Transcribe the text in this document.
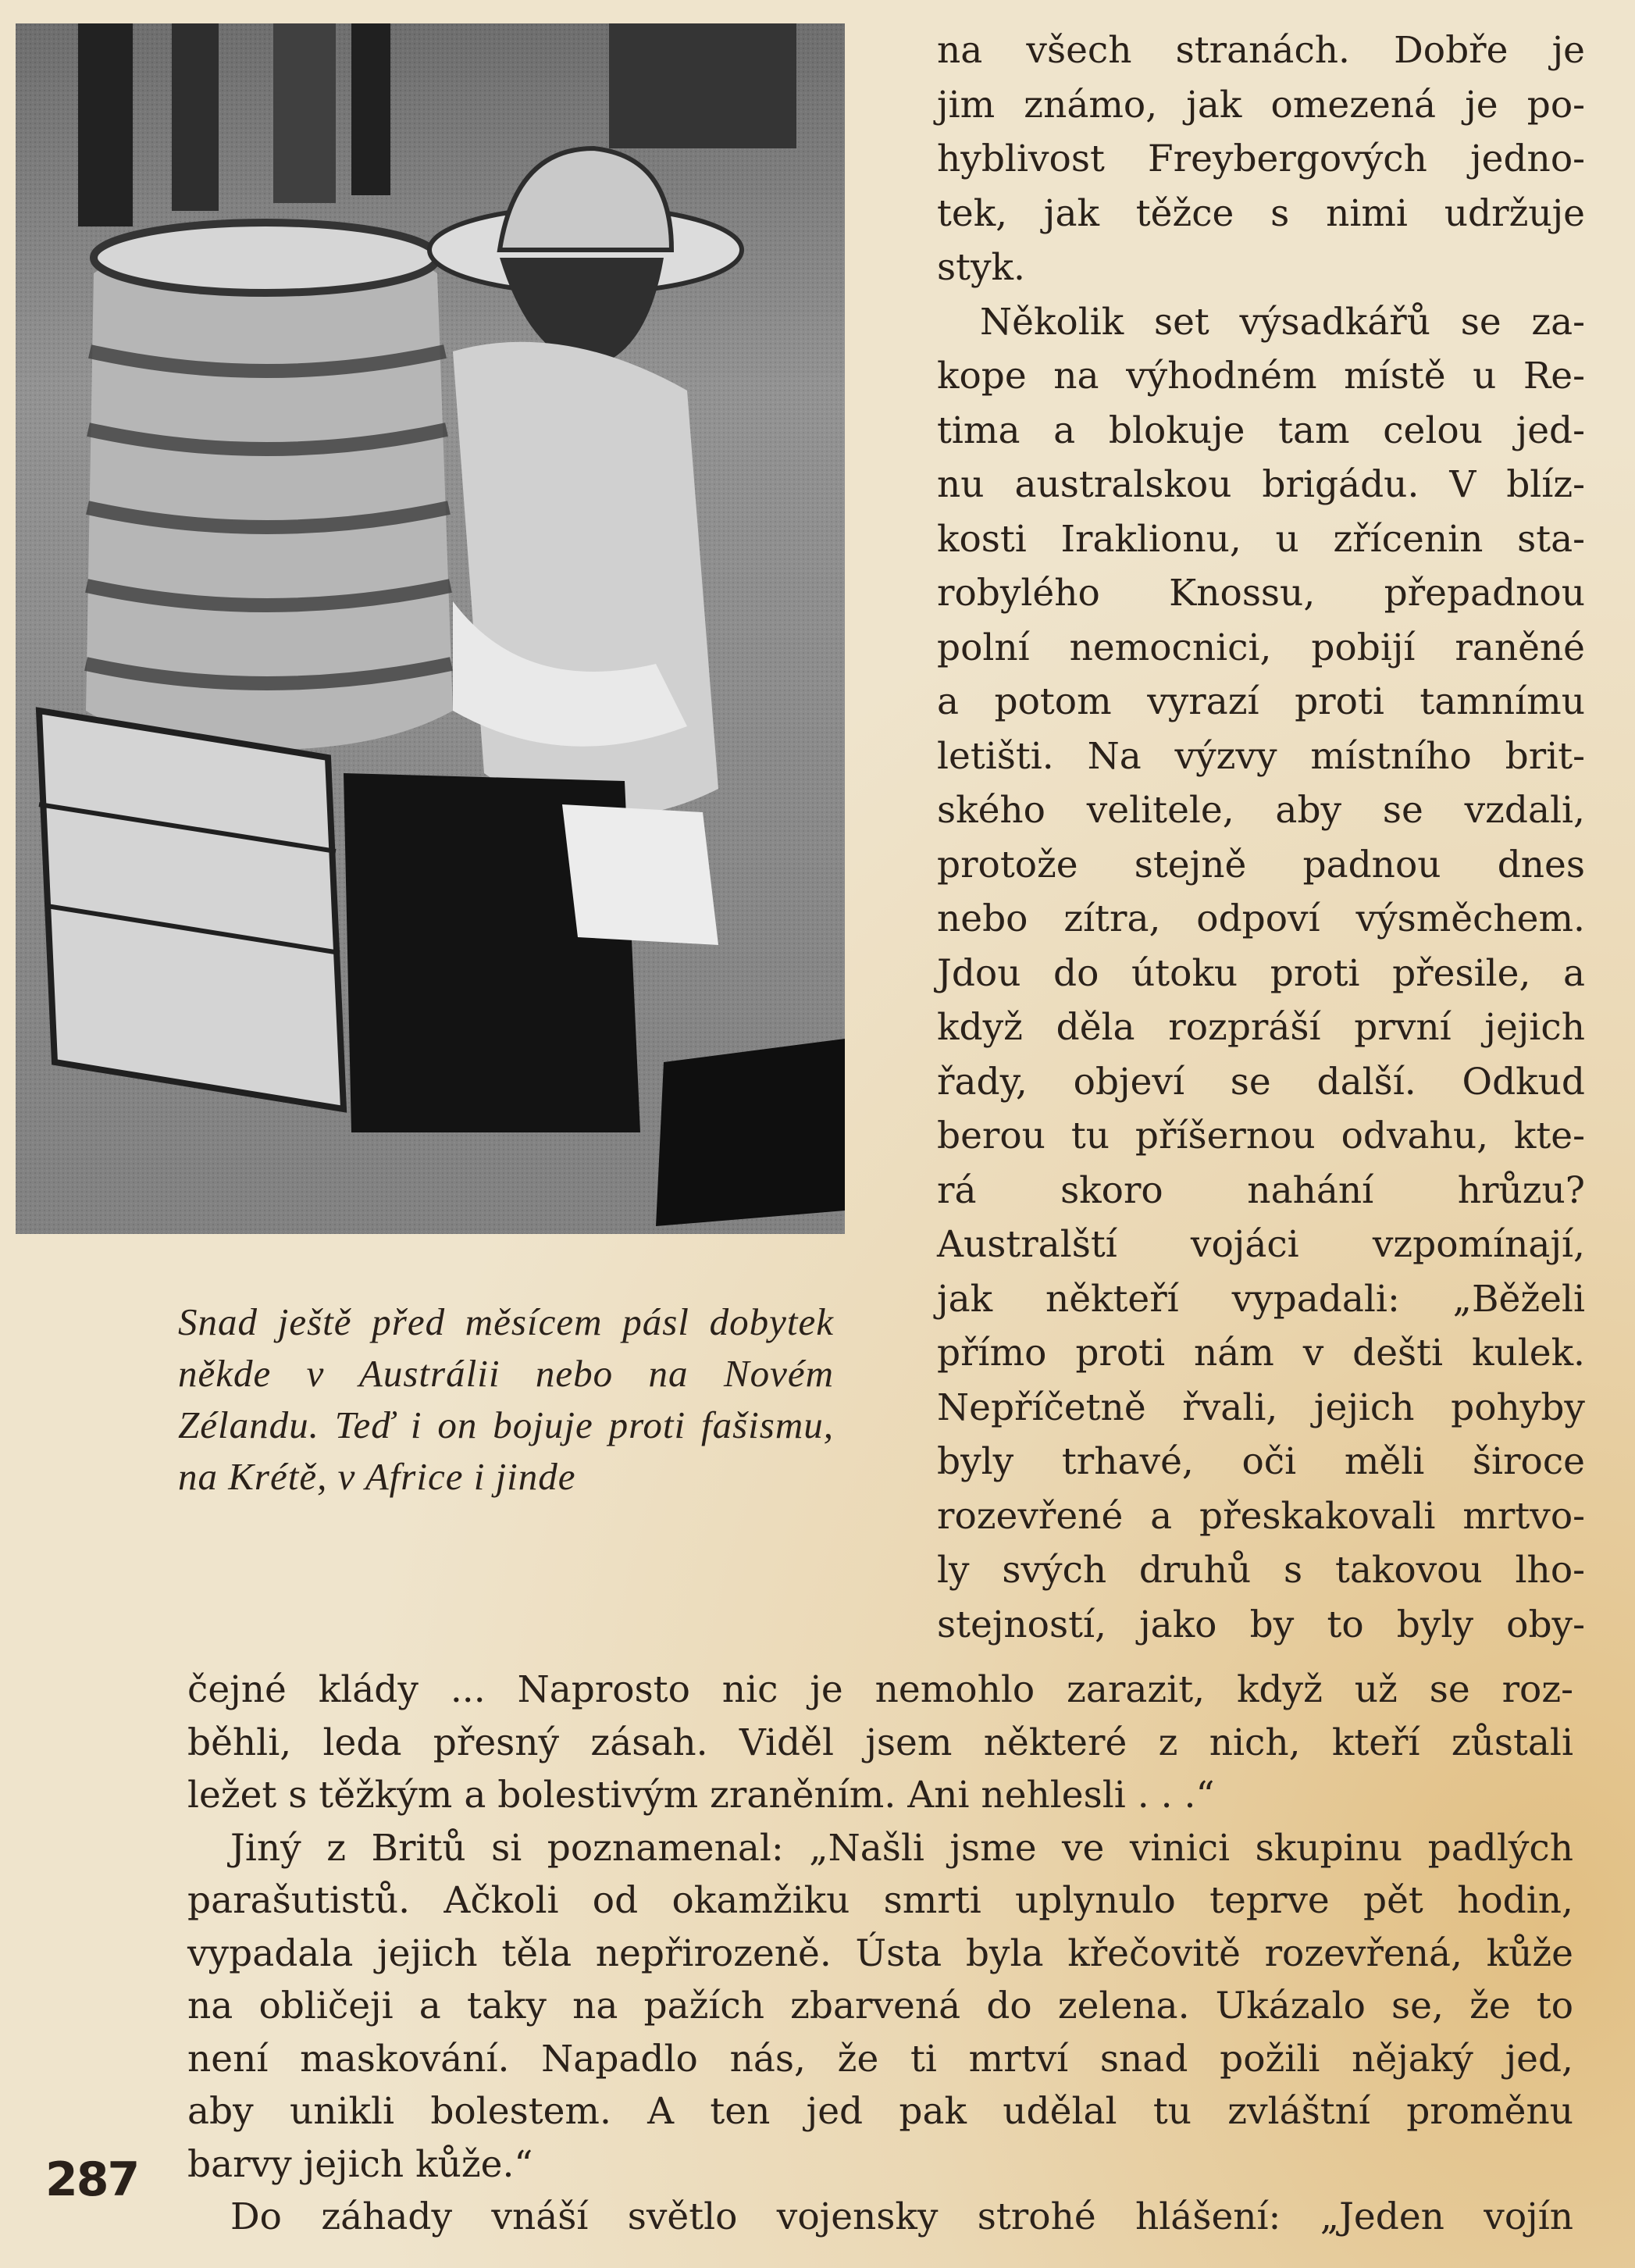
Snad ještě před měsícem pásl dobytek někde v Austrálii nebo na Novém Zélandu. Teď i on bojuje proti fašismu, na Krétě, v Africe i jinde

na všech stranách. Dobře je
jim známo, jak omezená je po-
hyblivost Freybergových jedno-
tek, jak těžce s nimi udržuje
styk.
Několik set výsadkářů se za-
kope na výhodném místě u Re-
tima a blokuje tam celou jed-
nu australskou brigádu. V blíz-
kosti Iraklionu, u zřícenin sta-
robylého Knossu, přepadnou
polní nemocnici, pobijí raněné
a potom vyrazí proti tamnímu
letišti. Na výzvy místního brit-
ského velitele, aby se vzdali,
protože stejně padnou dnes
nebo zítra, odpoví výsměchem.
Jdou do útoku proti přesile, a
když děla rozpráší první jejich
řady, objeví se další. Odkud
berou tu příšernou odvahu, kte-
rá skoro nahání hrůzu?
Australští vojáci vzpomínají,
jak někteří vypadali: „Běželi
přímo proti nám v dešti kulek.
Nepříčetně řvali, jejich pohyby
byly trhavé, oči měli široce
rozevřené a přeskakovali mrtvo-
ly svých druhů s takovou lho-
stejností, jako by to byly oby-
čejné klády ... Naprosto nic je nemohlo zarazit, když už se roz-
běhli, leda přesný zásah. Viděl jsem některé z nich, kteří zůstali
ležet s těžkým a bolestivým zraněním. Ani nehlesli . . .“
Jiný z Britů si poznamenal: „Našli jsme ve vinici skupinu padlých
parašutistů. Ačkoli od okamžiku smrti uplynulo teprve pět hodin,
vypadala jejich těla nepřirozeně. Ústa byla křečovitě rozevřená, kůže
na obličeji a taky na pažích zbarvená do zelena. Ukázalo se, že to
není maskování. Napadlo nás, že ti mrtví snad požili nějaký jed,
aby unikli bolestem. A ten jed pak udělal tu zvláštní proměnu
barvy jejich kůže.“
Do záhady vnáší světlo vojensky strohé hlášení: „Jeden vojín

287
